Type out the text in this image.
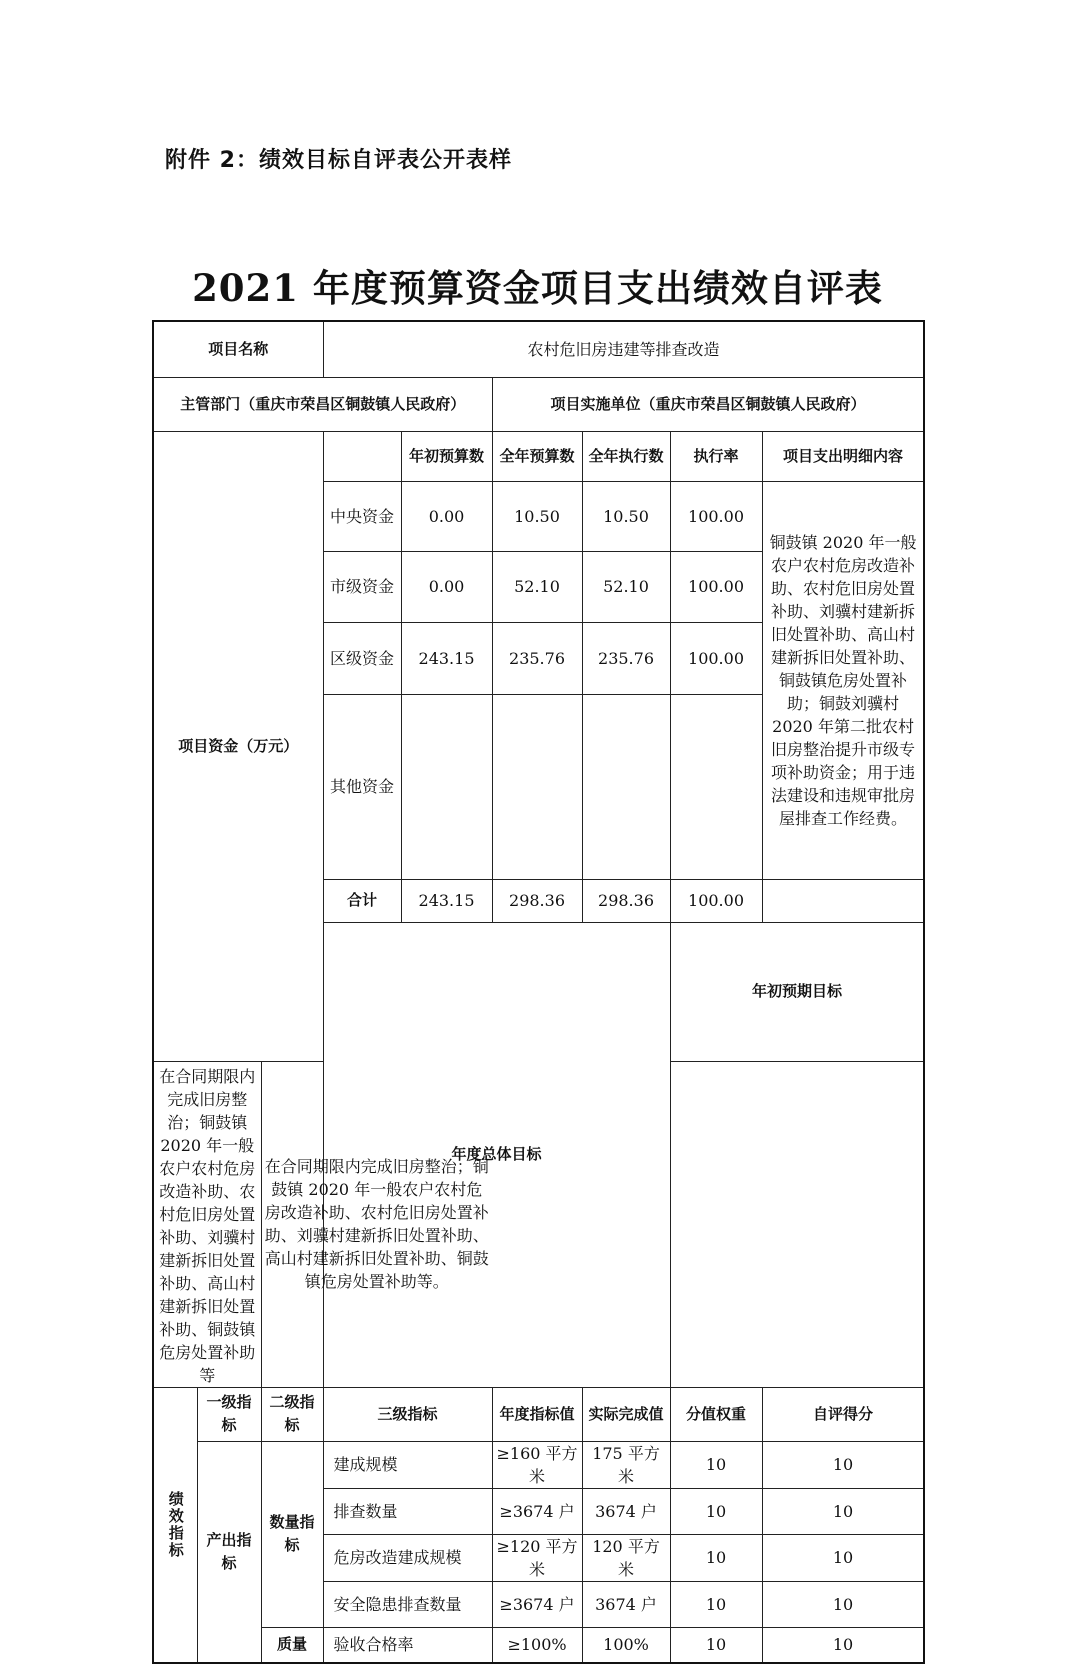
附件 2：绩效目标自评表公开表样
2021 年度预算资金项目支出绩效自评表
项目名称			农村危旧房违建等排查改造						
主管部门（重庆市荣昌区铜鼓镇人民政府）					项目实施单位（重庆市荣昌区铜鼓镇人民政府）				
项目资金（万元）				年初预算数	全年预算数	全年执行数	执行率	项目支出明细内容	
			中央资金	0.00	10.50	10.50	100.00	铜鼓镇 2020 年一般农户农村危房改造补助、农村危旧房处置补助、刘骥村建新拆旧处置补助、高山村建新拆旧处置补助、铜鼓镇危房处置补助；铜鼓刘骥村 2020 年第二批农村旧房整治提升市级专项补助资金；用于违法建设和违规审批房屋排查工作经费。	
			市级资金	0.00	52.10	52.10	100.00		
			区级资金	243.15	235.76	235.76	100.00		
			其他资金						
			合计	243.15	298.36	298.36	100.00		
			年度总体目标				年初预期目标	
在合同期限内完成旧房整治；铜鼓镇 2020 年一般农户农村危房改造补助、农村危旧房处置补助、刘骥村建新拆旧处置补助、高山村建新拆旧处置补助、铜鼓镇危房处置补助等		在合同期限内完成旧房整治；铜鼓镇 2020 年一般农户农村危房改造补助、农村危旧房处置补助、刘骥村建新拆旧处置补助、高山村建新拆旧处置补助、铜鼓镇危房处置补助等。							

绩效指标	一级指标	二级指标	三级指标		年度指标值	实际完成值	分值权重	自评得分	
	产出指标	数量指标	建成规模		≥160 平方米	175 平方米	10	10	
			排查数量		≥3674 户	3674 户	10	10	
			危房改造建成规模		≥120 平方米	120 平方米	10	10	
			安全隐患排查数量		≥3674 户	3674 户	10	10	
		质量	验收合格率		≥100%	100%	10	10	
